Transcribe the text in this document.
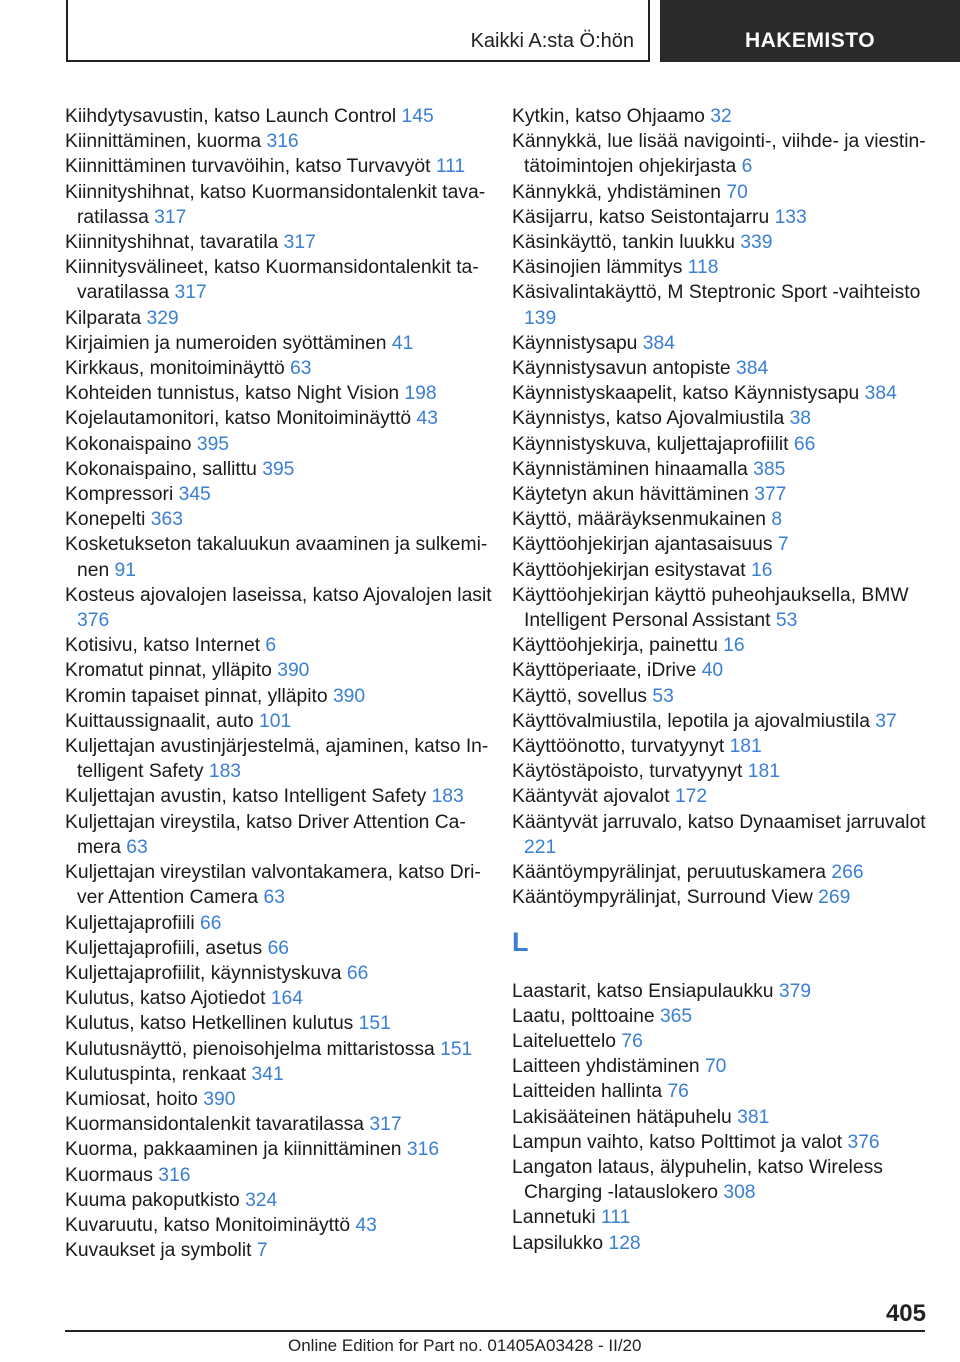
Kaikki A:sta Ö:hön	HAKEMISTO
Kiihdytysavustin, katso Launch Control 145
Kiinnittäminen, kuorma 316
Kiinnittäminen turvavöihin, katso Turvavyöt 111
Kiinnityshihnat, katso Kuormansidontalenkit tavaratilassa 317
Kiinnityshihnat, tavaratila 317
Kiinnitysvälineet, katso Kuormansidontalenkit tavaratilassa 317
Kilparata 329
Kirjaimien ja numeroiden syöttäminen 41
Kirkkaus, monitoiminäyttö 63
Kohteiden tunnistus, katso Night Vision 198
Kojelautamonitori, katso Monitoiminäyttö 43
Kokonaispaino 395
Kokonaispaino, sallittu 395
Kompressori 345
Konepelti 363
Kosketukseton takaluukun avaaminen ja sulkeminen 91
Kosteus ajovalojen laseissa, katso Ajovalojen lasit 376
Kotisivu, katso Internet 6
Kromatut pinnat, ylläpito 390
Kromin tapaiset pinnat, ylläpito 390
Kuittaussignaalit, auto 101
Kuljettajan avustinjärjestelmä, ajaminen, katso Intelligent Safety 183
Kuljettajan avustin, katso Intelligent Safety 183
Kuljettajan vireystila, katso Driver Attention Camera 63
Kuljettajan vireystilan valvontakamera, katso Driver Attention Camera 63
Kuljettajaprofiili 66
Kuljettajaprofiili, asetus 66
Kuljettajaprofiilit, käynnistyskuva 66
Kulutus, katso Ajotiedot 164
Kulutus, katso Hetkellinen kulutus 151
Kulutusnäyttö, pienoisohjelma mittaristossa 151
Kulutuspinta, renkaat 341
Kumiosat, hoito 390
Kuormansidontalenkit tavaratilassa 317
Kuorma, pakkaaminen ja kiinnittäminen 316
Kuormaus 316
Kuuma pakoputkisto 324
Kuvaruutu, katso Monitoiminäyttö 43
Kuvaukset ja symbolit 7
Kytkin, katso Ohjaamo 32
Kännykkä, lue lisää navigointi-, viihde- ja viestintätoimintojen ohjekirjasta 6
Kännykkä, yhdistäminen 70
Käsijarru, katso Seistontajarru 133
Käsinkäyttö, tankin luukku 339
Käsinojien lämmitys 118
Käsivalintakäyttö, M Steptronic Sport -vaihteisto 139
Käynnistysapu 384
Käynnistysavun antopiste 384
Käynnistyskaapelit, katso Käynnistysapu 384
Käynnistys, katso Ajovalmiustila 38
Käynnistyskuva, kuljettajaprofiilit 66
Käynnistäminen hinaamalla 385
Käytetyn akun hävittäminen 377
Käyttö, määräyksenmukainen 8
Käyttöohjekirjan ajantasaisuus 7
Käyttöohjekirjan esitystavat 16
Käyttöohjekirjan käyttö puheohjauksella, BMW Intelligent Personal Assistant 53
Käyttöohjekirja, painettu 16
Käyttöperiaate, iDrive 40
Käyttö, sovellus 53
Käyttövalmiustila, lepotila ja ajovalmiustila 37
Käyttöönotto, turvatyynyt 181
Käytöstäpoisto, turvatyynyt 181
Kääntyvät ajovalot 172
Kääntyvät jarruvalo, katso Dynaamiset jarruvalot 221
Kääntöympyrälinjat, peruutuskamera 266
Kääntöympyrälinjat, Surround View 269
L
Laastarit, katso Ensiapulaukku 379
Laatu, polttoaine 365
Laiteluettelo 76
Laitteen yhdistäminen 70
Laitteiden hallinta 76
Lakisääteinen hätäpuhelu 381
Lampun vaihto, katso Polttimot ja valot 376
Langaton lataus, älypuhelin, katso Wireless Charging -latauslokero 308
Lannetuki 111
Lapsilukko 128
405
Online Edition for Part no. 01405A03428 - II/20
